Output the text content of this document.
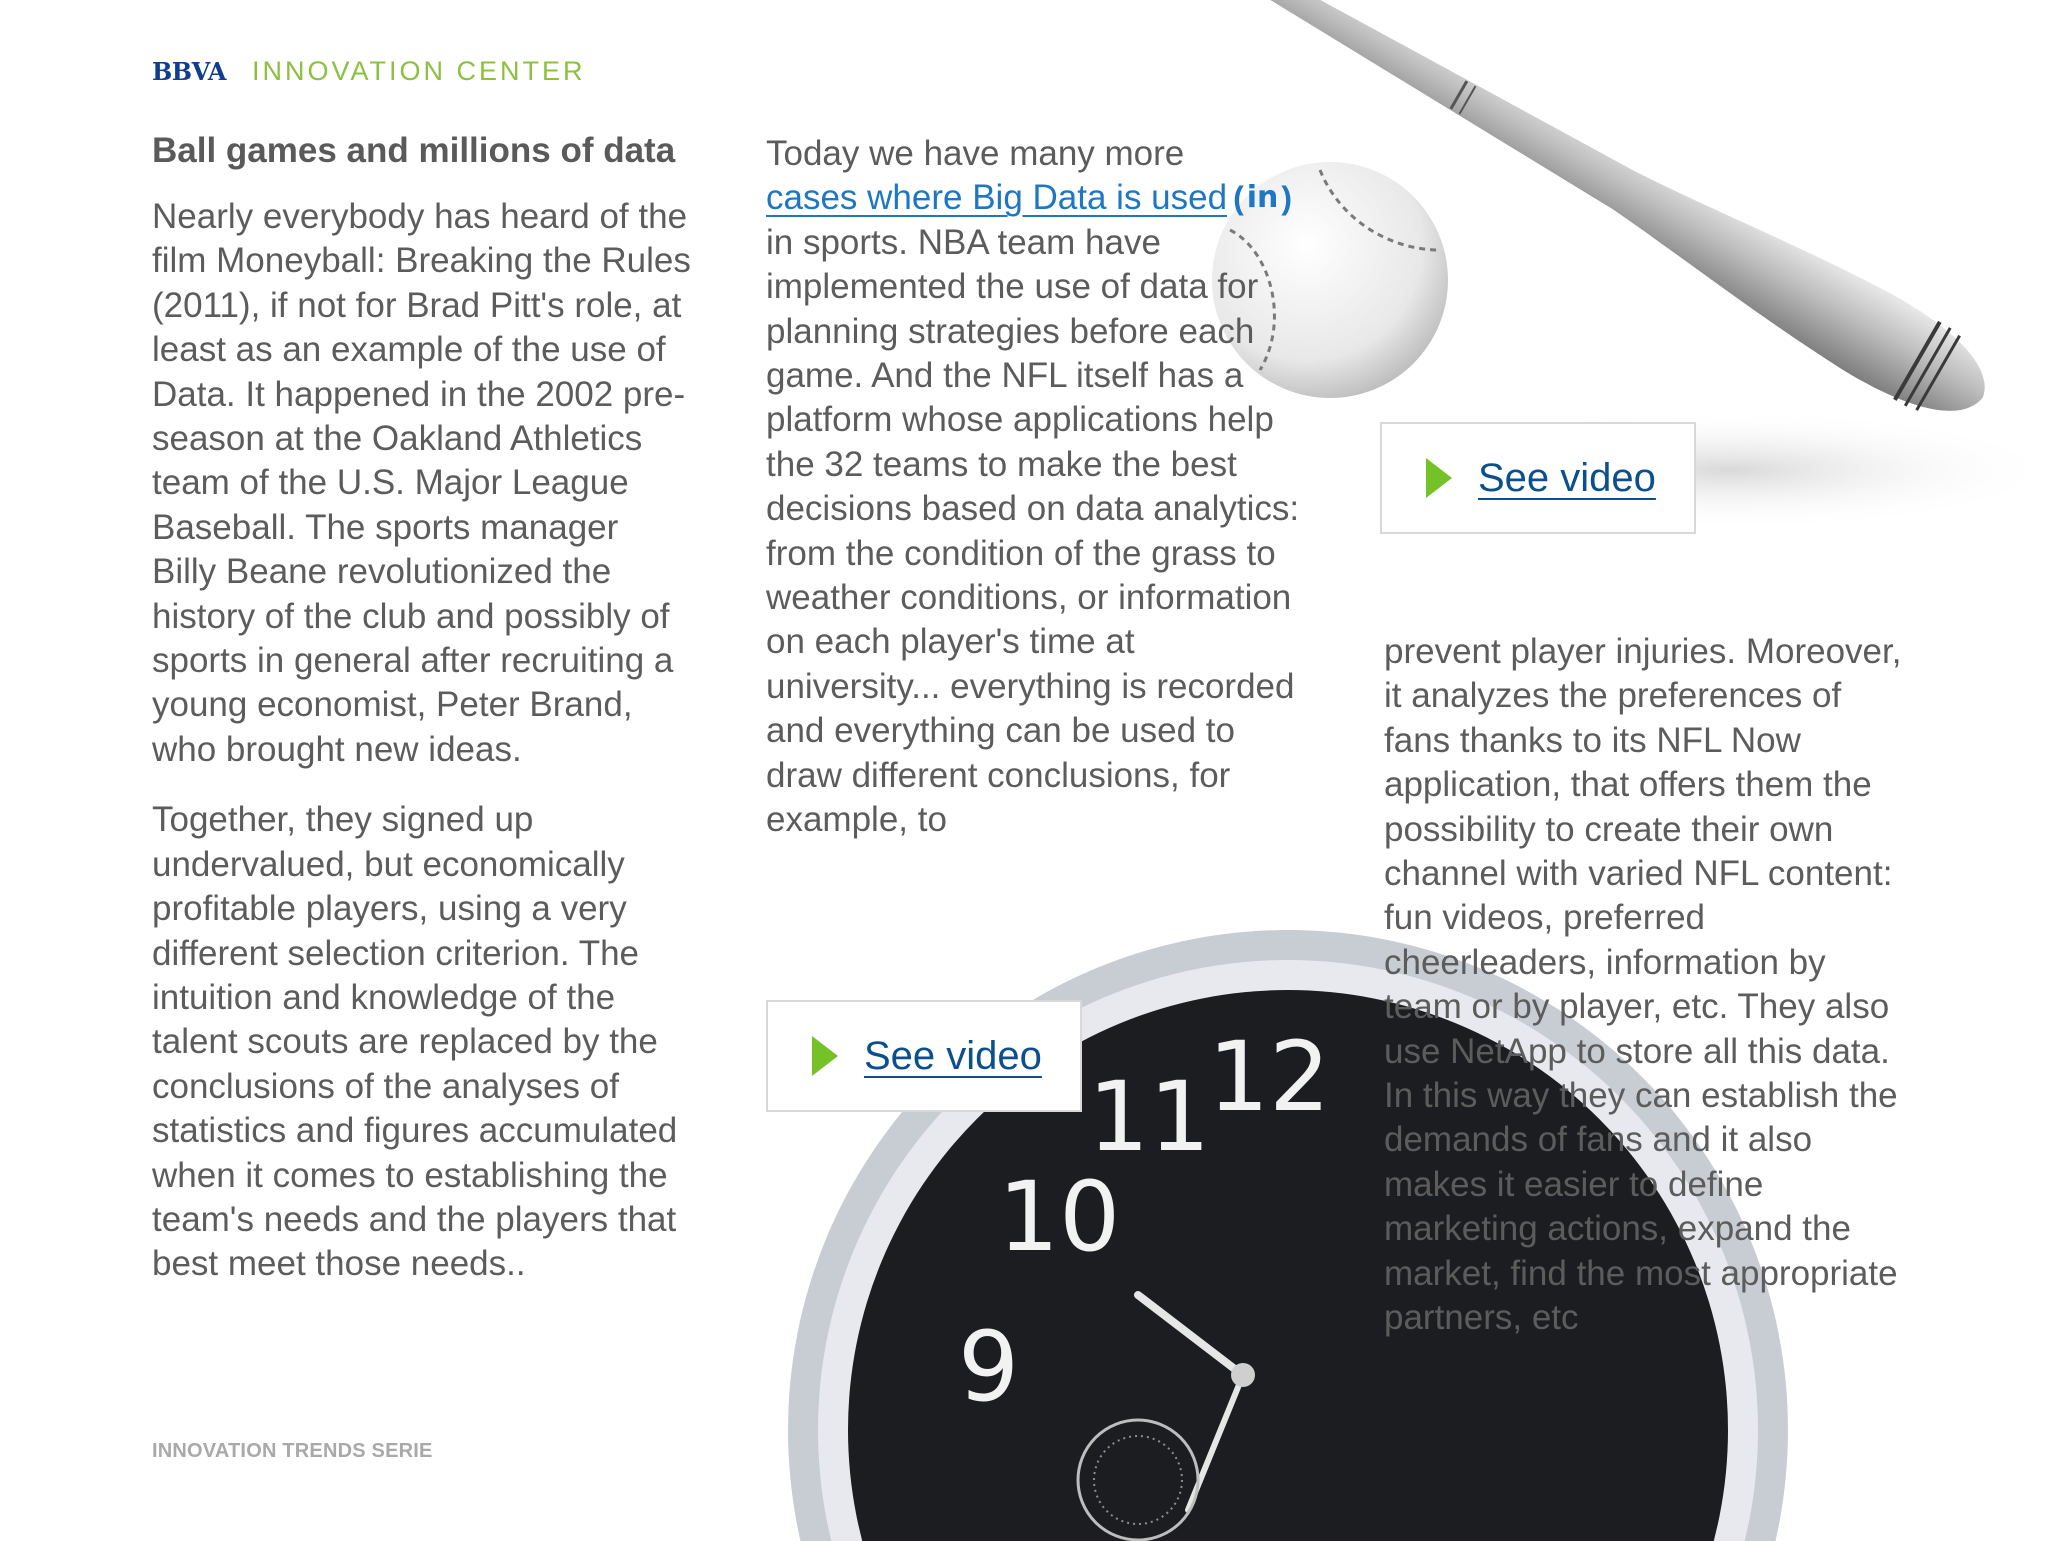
BBVA INNOVATION CENTER
12
11
10
9
Ball games and millions of data

Nearly everybody has heard of the film Moneyball: Breaking the Rules (2011), if not for Brad Pitt's role, at least as an example of the use of Data. It happened in the 2002 pre-season at the Oakland Athletics team of the U.S. Major League Baseball. The sports manager Billy Beane revolutionized the history of the club and possibly of sports in general after recruiting a young economist, Peter Brand, who brought new ideas.

Together, they signed up undervalued, but economically profitable players, using a very different selection criterion. The intuition and knowledge of the talent scouts are replaced by the conclusions of the analyses of statistics and figures accumulated when it comes to establishing the team's needs and the players that best meet those needs..

Today we have many more
cases where Big Data is used ( in ) in sports. NBA team have implemented the use of data for planning strategies before each game. And the NFL itself has a platform whose applications help the 32 teams to make the best decisions based on data analytics: from the condition of the grass to weather conditions, or information on each player's time at university... everything is recorded and everything can be used to draw different conclusions, for example, to

prevent player injuries. Moreover, it analyzes the preferences of fans thanks to its NFL Now application, that offers them the possibility to create their own channel with varied NFL content: fun videos, preferred cheerleaders, information by team or by player, etc. They also use NetApp to store all this data. In this way they can establish the demands of fans and it also makes it easier to define marketing actions, expand the market, find the most appropriate partners, etc

See video
See video
INNOVATION TRENDS SERIE
